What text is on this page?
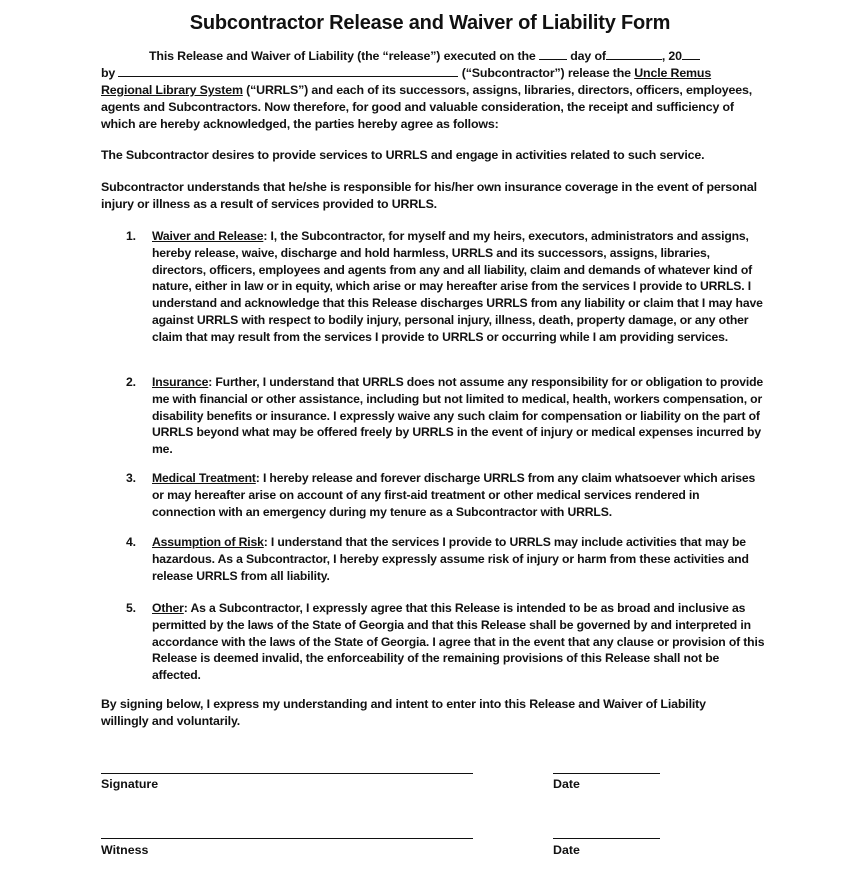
Subcontractor Release and Waiver of Liability Form
This Release and Waiver of Liability (the “release”) executed on the	day of	, 20
by	(“Subcontractor”) release the Uncle Remus
Regional Library System (“URRLS”) and each of its successors, assigns, libraries, directors, officers, employees, agents and Subcontractors. Now therefore, for good and valuable consideration, the receipt and sufficiency of which are hereby acknowledged, the parties hereby agree as follows:
The Subcontractor desires to provide services to URRLS and engage in activities related to such service.
Subcontractor understands that he/she is responsible for his/her own insurance coverage in the event of personal injury or illness as a result of services provided to URRLS.
1. Waiver and Release: I, the Subcontractor, for myself and my heirs, executors, administrators and assigns, hereby release, waive, discharge and hold harmless, URRLS and its successors, assigns, libraries, directors, officers, employees and agents from any and all liability, claim and demands of whatever kind of nature, either in law or in equity, which arise or may hereafter arise from the services I provide to URRLS. I understand and acknowledge that this Release discharges URRLS from any liability or claim that I may have against URRLS with respect to bodily injury, personal injury, illness, death, property damage, or any other claim that may result from the services I provide to URRLS or occurring while I am providing services.
2. Insurance: Further, I understand that URRLS does not assume any responsibility for or obligation to provide me with financial or other assistance, including but not limited to medical, health, workers compensation, or disability benefits or insurance. I expressly waive any such claim for compensation or liability on the part of URRLS beyond what may be offered freely by URRLS in the event of injury or medical expenses incurred by me.
3. Medical Treatment: I hereby release and forever discharge URRLS from any claim whatsoever which arises or may hereafter arise on account of any first-aid treatment or other medical services rendered in connection with an emergency during my tenure as a Subcontractor with URRLS.
4. Assumption of Risk: I understand that the services I provide to URRLS may include activities that may be hazardous. As a Subcontractor, I hereby expressly assume risk of injury or harm from these activities and release URRLS from all liability.
5. Other: As a Subcontractor, I expressly agree that this Release is intended to be as broad and inclusive as permitted by the laws of the State of Georgia and that this Release shall be governed by and interpreted in accordance with the laws of the State of Georgia. I agree that in the event that any clause or provision of this Release is deemed invalid, the enforceability of the remaining provisions of this Release shall not be affected.
By signing below, I express my understanding and intent to enter into this Release and Waiver of Liability willingly and voluntarily.
Signature	Date
Witness	Date
